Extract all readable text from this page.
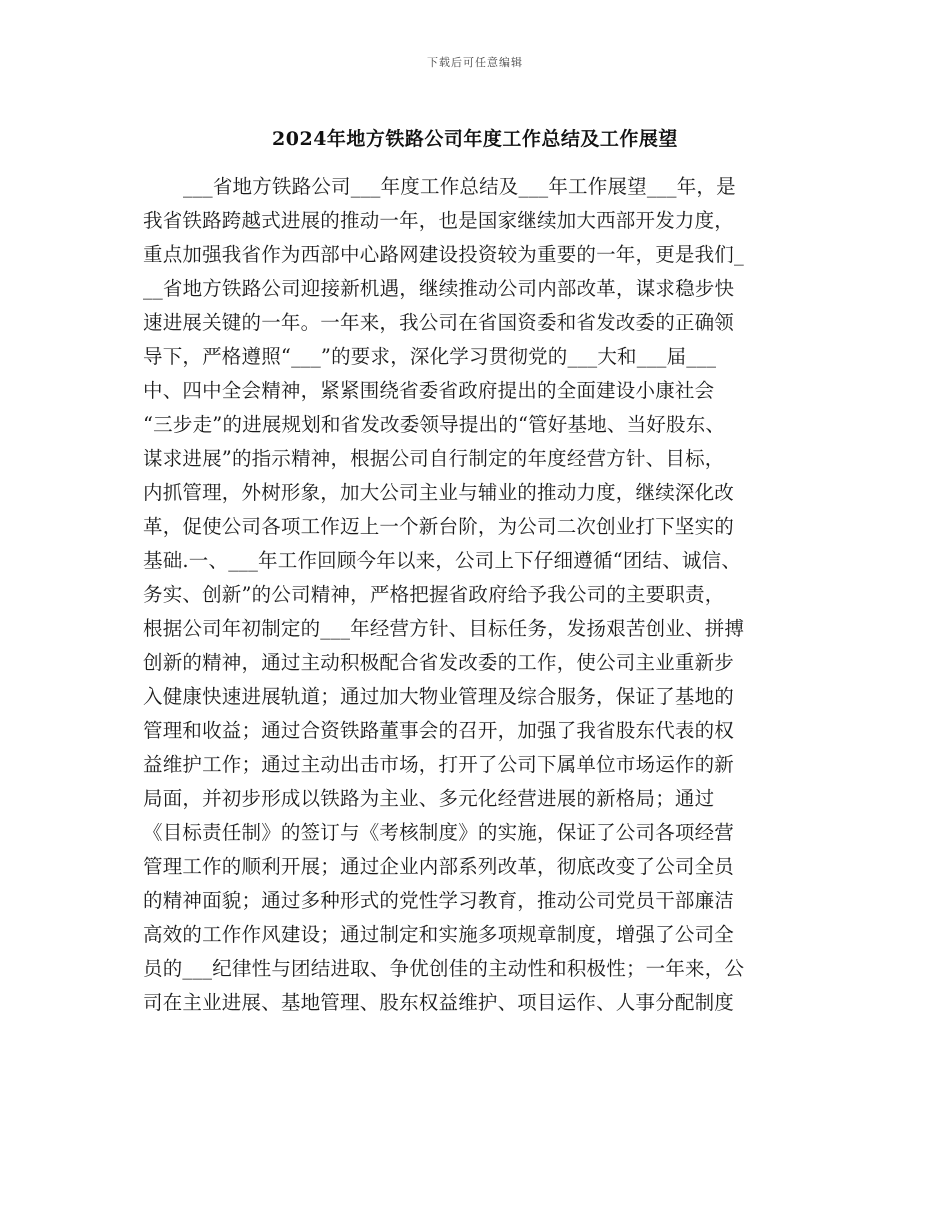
下载后可任意编辑
2024年地方铁路公司年度工作总结及工作展望
___省地方铁路公司___年度工作总结及___年工作展望___年，是
我省铁路跨越式进展的推动一年，也是国家继续加大西部开发力度，
重点加强我省作为西部中心路网建设投资较为重要的一年，更是我们_
__省地方铁路公司迎接新机遇，继续推动公司内部改革，谋求稳步快
速进展关键的一年。一年来，我公司在省国资委和省发改委的正确领
导下，严格遵照“___”的要求，深化学习贯彻党的___大和___届___
中、四中全会精神，紧紧围绕省委省政府提出的全面建设小康社会
“三步走”的进展规划和省发改委领导提出的“管好基地、当好股东、
谋求进展”的指示精神，根据公司自行制定的年度经营方针、目标，
内抓管理，外树形象，加大公司主业与辅业的推动力度，继续深化改
革，促使公司各项工作迈上一个新台阶，为公司二次创业打下坚实的
基础.一、___年工作回顾今年以来，公司上下仔细遵循“团结、诚信、
务实、创新”的公司精神，严格把握省政府给予我公司的主要职责，
根据公司年初制定的___年经营方针、目标任务，发扬艰苦创业、拼搏
创新的精神，通过主动积极配合省发改委的工作，使公司主业重新步
入健康快速进展轨道；通过加大物业管理及综合服务，保证了基地的
管理和收益；通过合资铁路董事会的召开，加强了我省股东代表的权
益维护工作；通过主动出击市场，打开了公司下属单位市场运作的新
局面，并初步形成以铁路为主业、多元化经营进展的新格局；通过
《目标责任制》的签订与《考核制度》的实施，保证了公司各项经营
管理工作的顺利开展；通过企业内部系列改革，彻底改变了公司全员
的精神面貌；通过多种形式的党性学习教育，推动公司党员干部廉洁
高效的工作作风建设；通过制定和实施多项规章制度，增强了公司全
员的___纪律性与团结进取、争优创佳的主动性和积极性；一年来，公
司在主业进展、基地管理、股东权益维护、项目运作、人事分配制度
